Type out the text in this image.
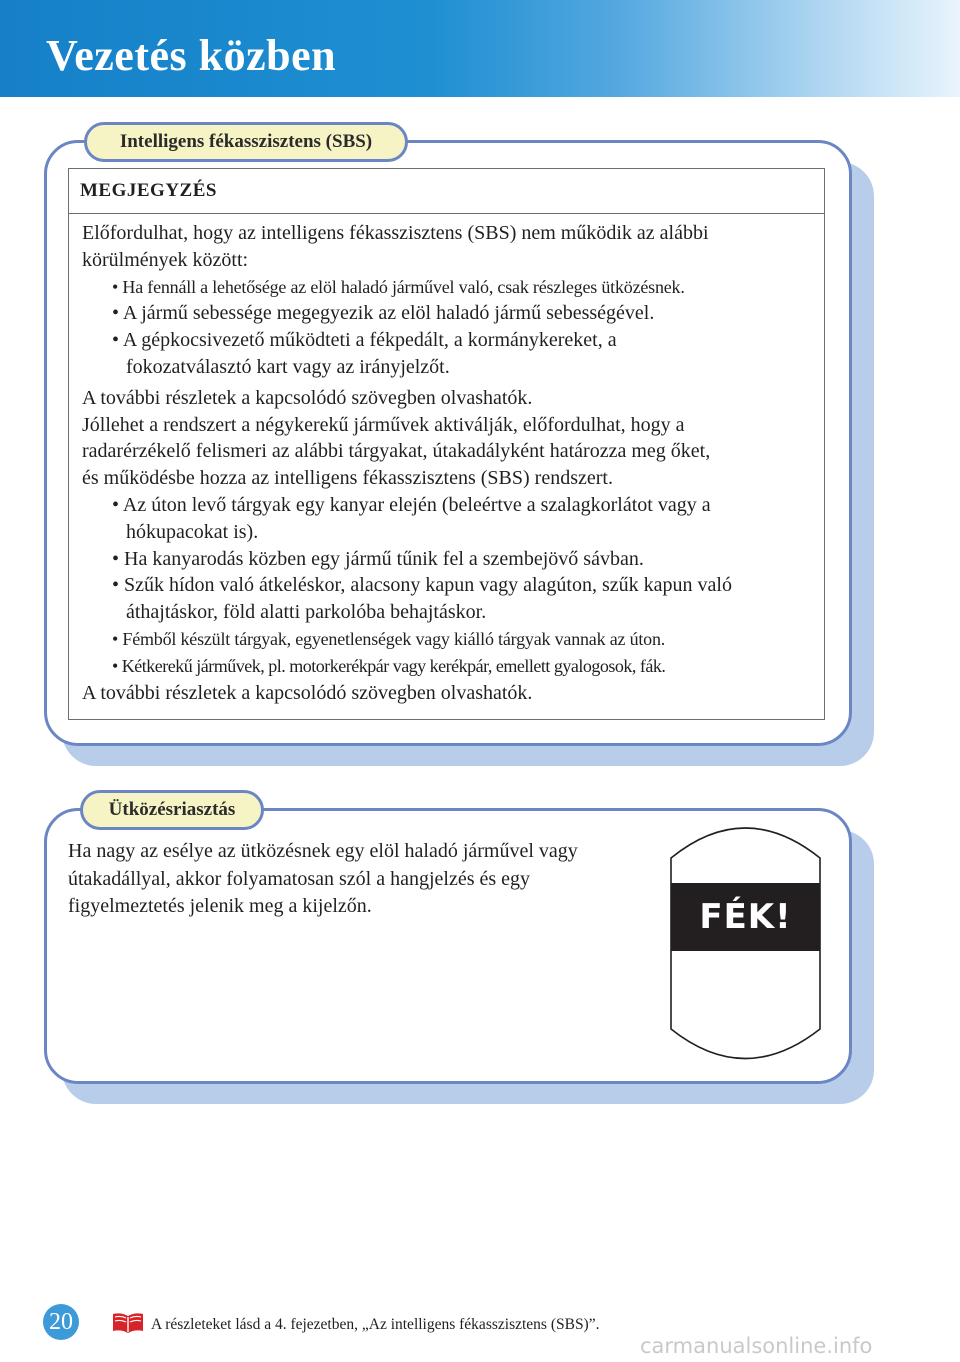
Vezetés közben
Intelligens fékasszisztens (SBS)
MEGJEGYZÉS

Előfordulhat, hogy az intelligens fékasszisztens (SBS) nem működik az alábbi

körülmények között:

• Ha fennáll a lehetősége az elöl haladó járművel való, csak részleges ütközésnek.

• A jármű sebessége megegyezik az elöl haladó jármű sebességével.

• A gépkocsivezető működteti a fékpedált, a kormánykereket, a fokozatválasztó kart vagy az irányjelzőt.

A további részletek a kapcsolódó szövegben olvashatók.

Jóllehet a rendszert a négykerekű járművek aktiválják, előfordulhat, hogy a

radarérzékelő felismeri az alábbi tárgyakat, útakadályként határozza meg őket,

és működésbe hozza az intelligens fékasszisztens (SBS) rendszert.

• Az úton levő tárgyak egy kanyar elején (beleértve a szalagkorlátot vagy a hókupacokat is).

• Ha kanyarodás közben egy jármű tűnik fel a szembejövő sávban.

• Szűk hídon való átkeléskor, alacsony kapun vagy alagúton, szűk kapun való áthajtáskor, föld alatti parkolóba behajtáskor.

• Fémből készült tárgyak, egyenetlenségek vagy kiálló tárgyak vannak az úton.

• Kétkerekű járművek, pl. motorkerékpár vagy kerékpár, emellett gyalogosok, fák.

A további részletek a kapcsolódó szövegben olvashatók.

Ütközésriasztás
Ha nagy az esélye az ütközésnek egy elöl haladó járművel vagy útakadállyal, akkor folyamatosan szól a hangjelzés és egy figyelmeztetés jelenik meg a kijelzőn.	FÉK!
20	A részleteket lásd a 4. fejezetben, „Az intelligens fékasszisztens (SBS)”.
carmanualsonline.info
